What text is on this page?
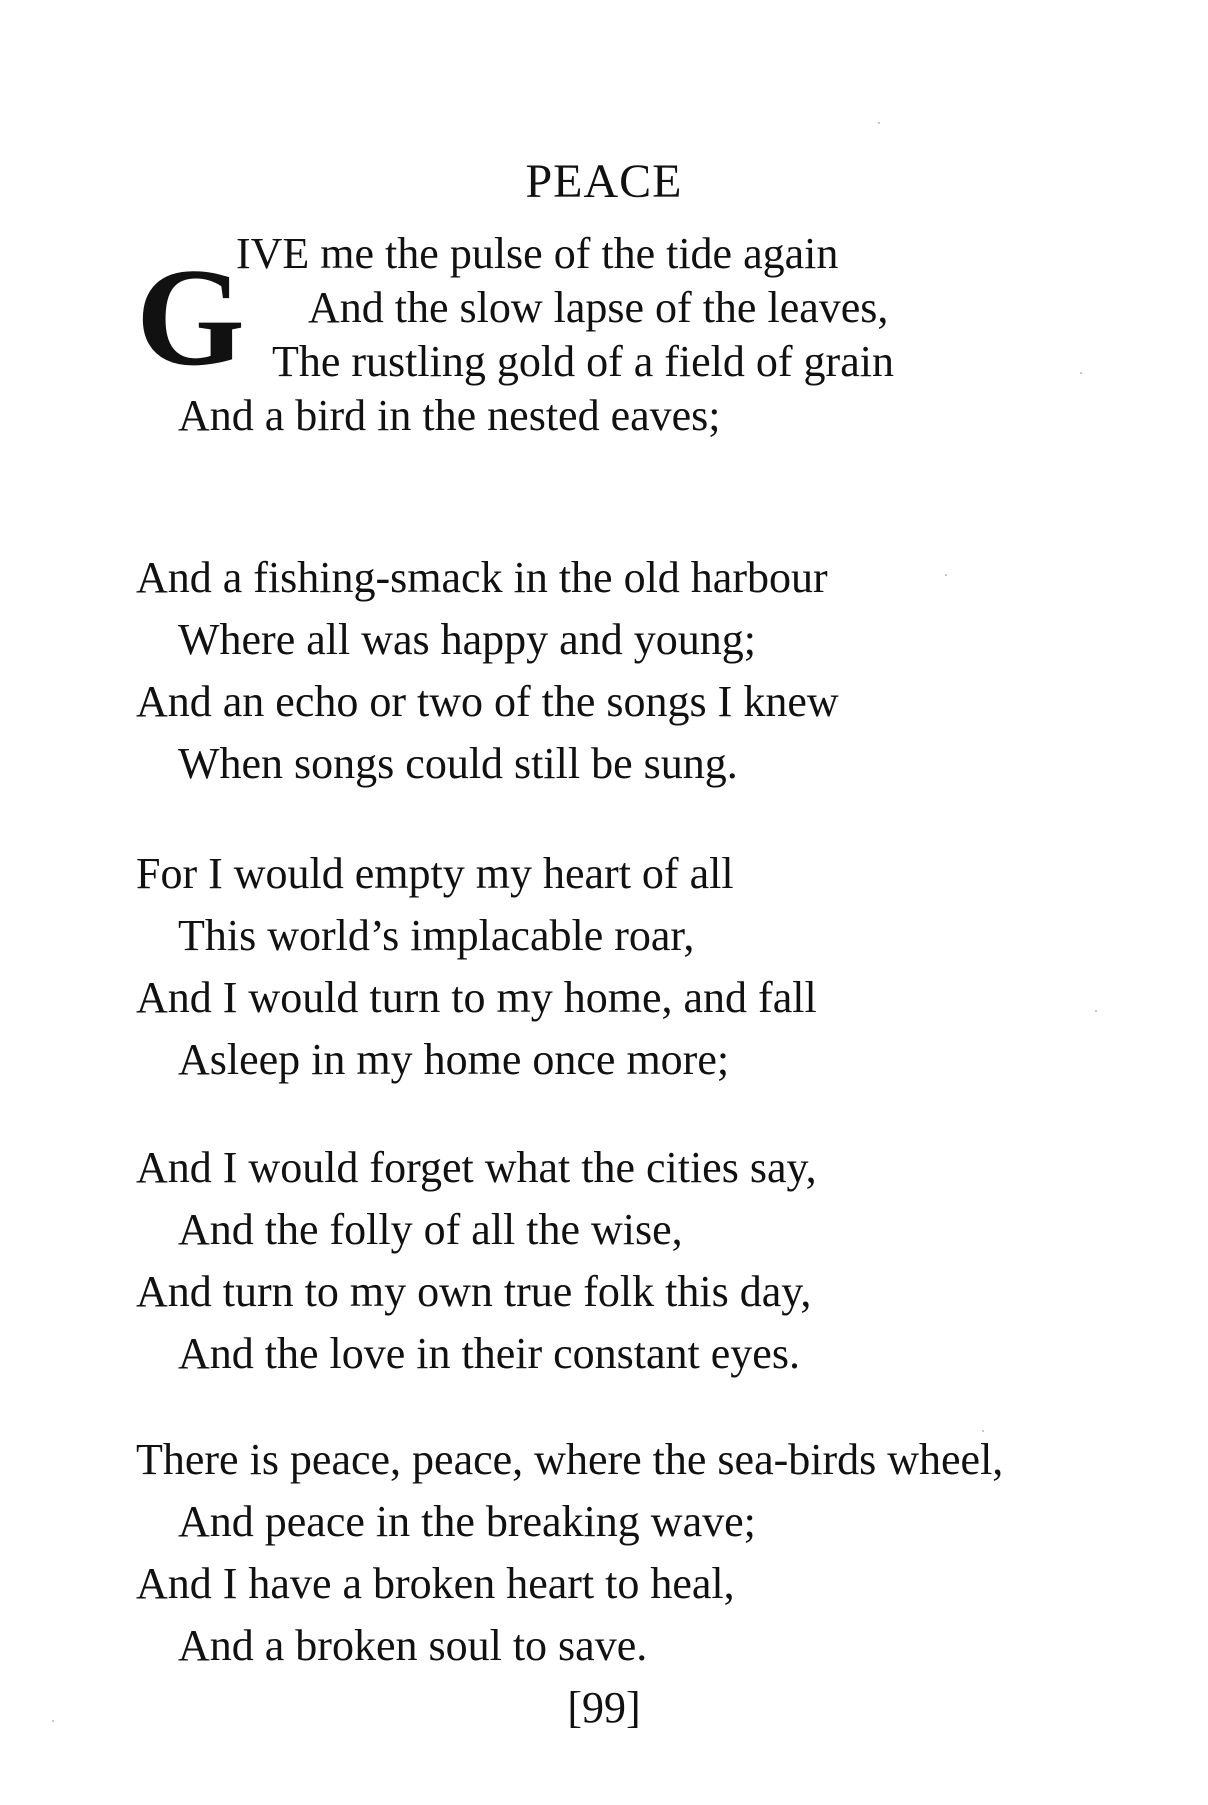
PEACE
G
IVE me the pulse of the tide again
And the slow lapse of the leaves,
The rustling gold of a field of grain
And a bird in the nested eaves;
And a fishing-smack in the old harbour
Where all was happy and young;
And an echo or two of the songs I knew
When songs could still be sung.
For I would empty my heart of all
This world’s implacable roar,
And I would turn to my home, and fall
Asleep in my home once more;
And I would forget what the cities say,
And the folly of all the wise,
And turn to my own true folk this day,
And the love in their constant eyes.
There is peace, peace, where the sea-birds wheel,
And peace in the breaking wave;
And I have a broken heart to heal,
And a broken soul to save.
[99]
